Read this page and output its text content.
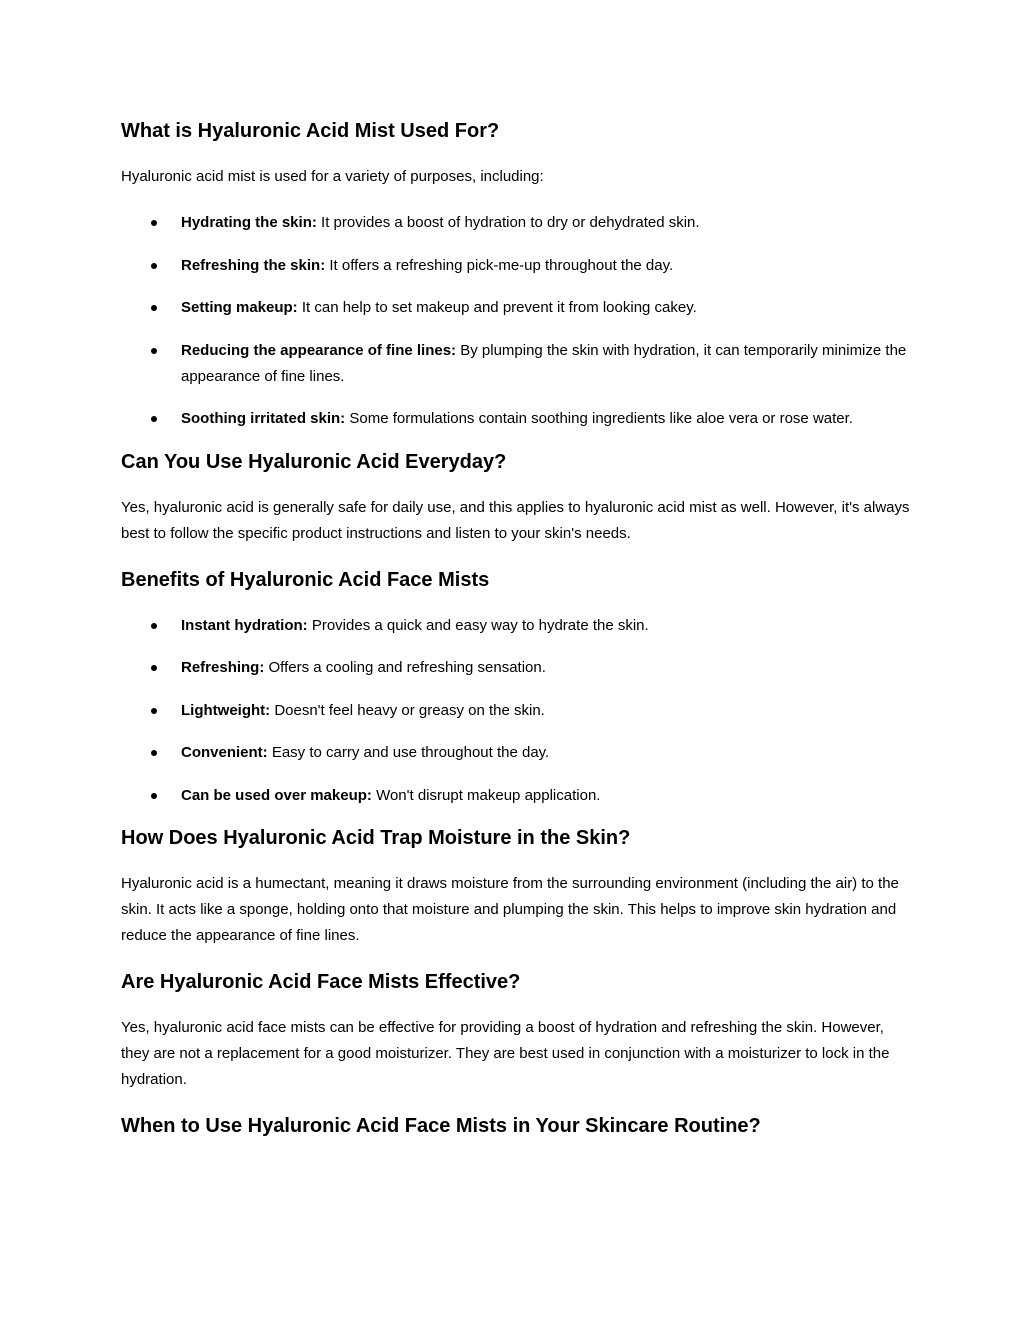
What is Hyaluronic Acid Mist Used For?

Hyaluronic acid mist is used for a variety of purposes, including:

Hydrating the skin: It provides a boost of hydration to dry or dehydrated skin.
Refreshing the skin: It offers a refreshing pick-me-up throughout the day.
Setting makeup: It can help to set makeup and prevent it from looking cakey.
Reducing the appearance of fine lines: By plumping the skin with hydration, it can temporarily minimize the appearance of fine lines.
Soothing irritated skin: Some formulations contain soothing ingredients like aloe vera or rose water.
Can You Use Hyaluronic Acid Everyday?

Yes, hyaluronic acid is generally safe for daily use, and this applies to hyaluronic acid mist as well. However, it's always best to follow the specific product instructions and listen to your skin's needs.

Benefits of Hyaluronic Acid Face Mists
Instant hydration: Provides a quick and easy way to hydrate the skin.
Refreshing: Offers a cooling and refreshing sensation.
Lightweight: Doesn't feel heavy or greasy on the skin.
Convenient: Easy to carry and use throughout the day.
Can be used over makeup: Won't disrupt makeup application.
How Does Hyaluronic Acid Trap Moisture in the Skin?

Hyaluronic acid is a humectant, meaning it draws moisture from the surrounding environment (including the air) to the skin. It acts like a sponge, holding onto that moisture and plumping the skin. This helps to improve skin hydration and reduce the appearance of fine lines.

Are Hyaluronic Acid Face Mists Effective?

Yes, hyaluronic acid face mists can be effective for providing a boost of hydration and refreshing the skin. However, they are not a replacement for a good moisturizer. They are best used in conjunction with a moisturizer to lock in the hydration.

When to Use Hyaluronic Acid Face Mists in Your Skincare Routine?
